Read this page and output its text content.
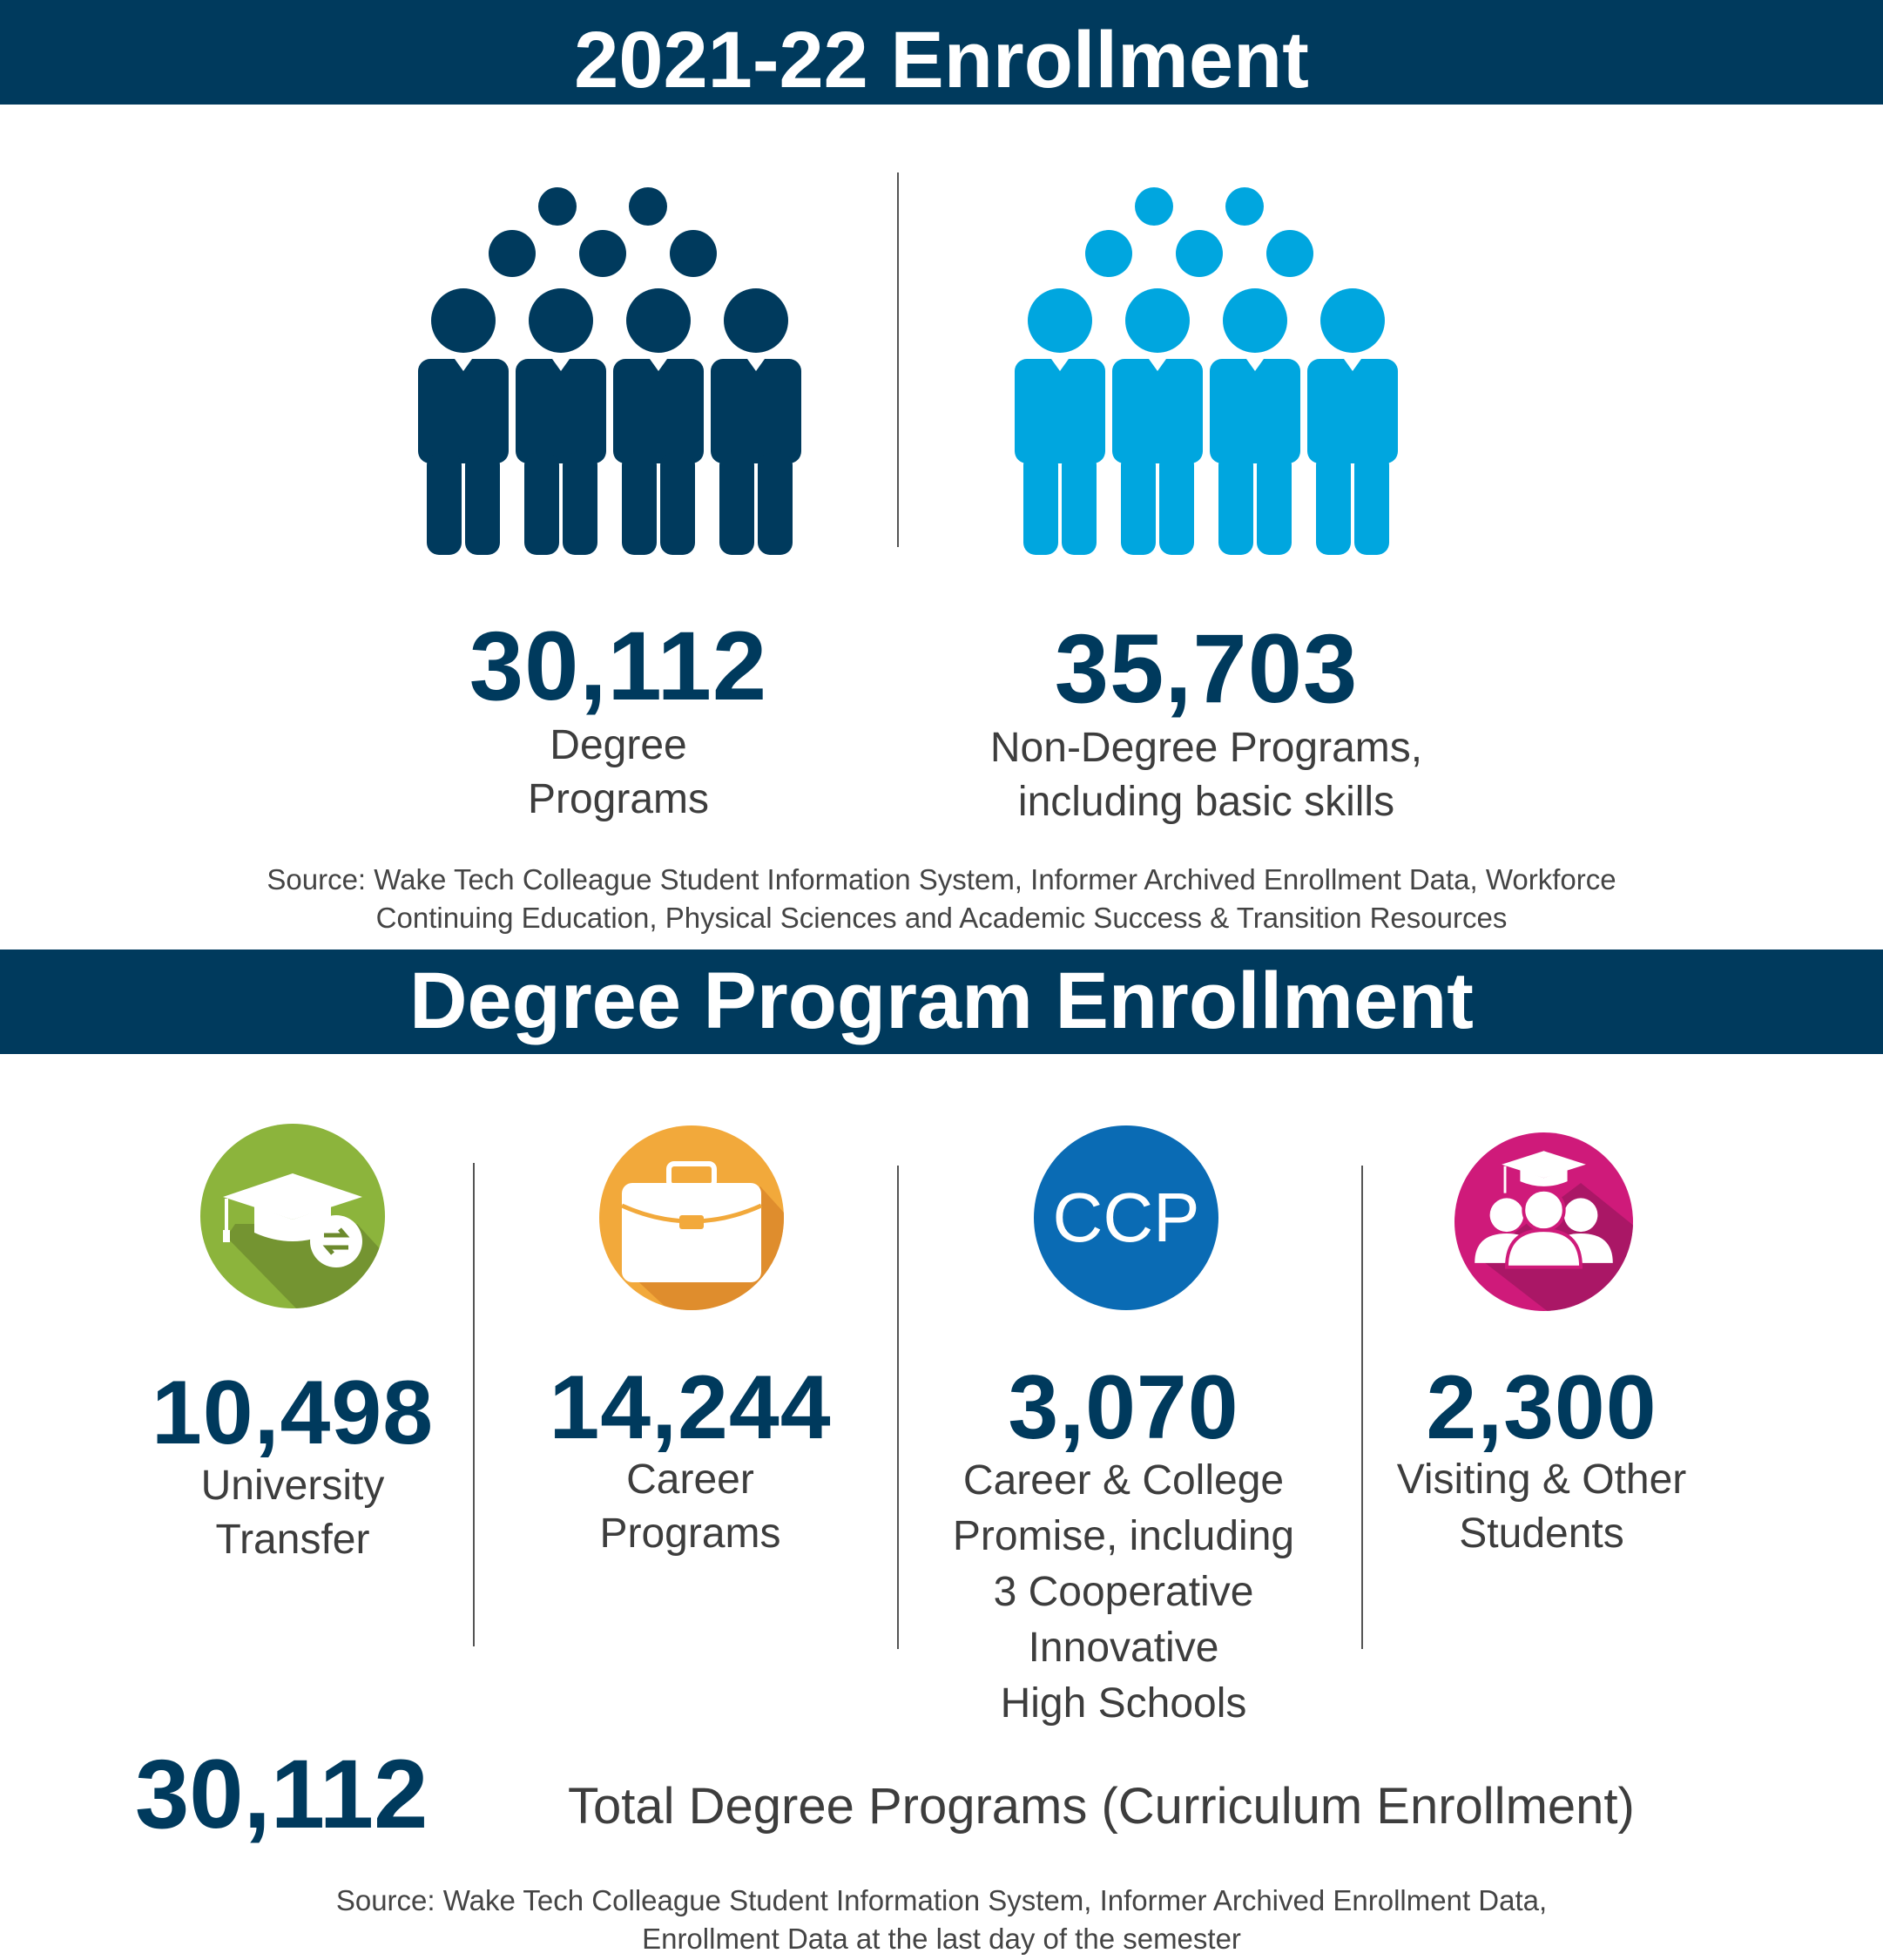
2021-22 Enrollment
30,112
Degree
Programs
35,703
Non-Degree Programs,
including basic skills
Source: Wake Tech Colleague Student Information System, Informer Archived Enrollment Data, Workforce
Continuing Education, Physical Sciences and Academic Success & Transition Resources
Degree Program Enrollment
CCP
10,498
University
Transfer
14,244
Career
Programs
3,070
Career & College
Promise, including
3 Cooperative
Innovative
High Schools
2,300
Visiting & Other
Students
30,112	Total Degree Programs (Curriculum Enrollment)
Source: Wake Tech Colleague Student Information System, Informer Archived Enrollment Data,
Enrollment Data at the last day of the semester
